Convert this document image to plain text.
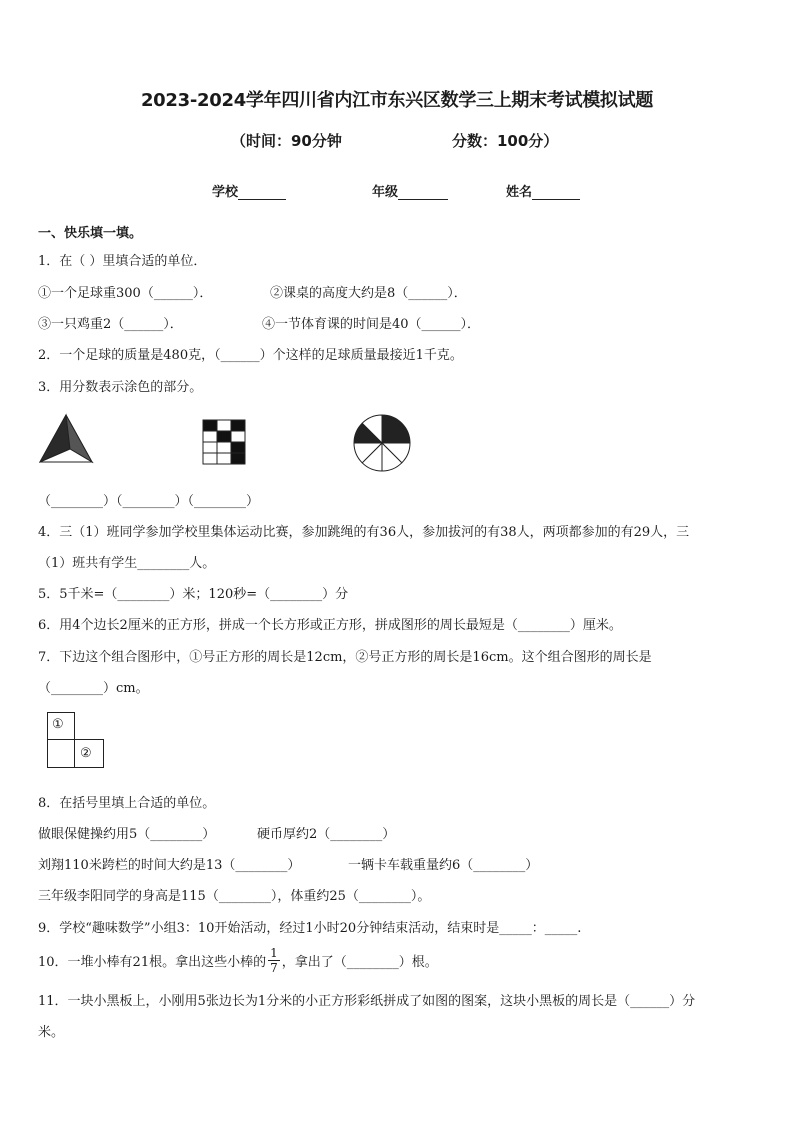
2023-2024学年四川省内江市东兴区数学三上期末考试模拟试题
（时间：90分钟	分数：100分）
学校	年级	姓名
一、快乐填一填。
1．在（ ）里填合适的单位．
①一个足球重300（______）．	②课桌的高度大约是8（______）．
③一只鸡重2（______）．	④一节体育课的时间是40（______）．
2．一个足球的质量是480克，（______）个这样的足球质量最接近1千克。
3．用分数表示涂色的部分。
（________）（________）（________）
4．三（1）班同学参加学校里集体运动比赛，参加跳绳的有36人，参加拔河的有38人，两项都参加的有29人，三
（1）班共有学生________人。
5．5千米=（________）米；120秒=（________）分
6．用4个边长2厘米的正方形，拼成一个长方形或正方形，拼成图形的周长最短是（________）厘米。
7．下边这个组合图形中，①号正方形的周长是12cm，②号正方形的周长是16cm。这个组合图形的周长是
（________）cm。
①
②
8．在括号里填上合适的单位。
做眼保健操约用5（________）	硬币厚约2（________）
刘翔110米跨栏的时间大约是13（________）	一辆卡车载重量约6（________）
三年级李阳同学的身高是115（________），体重约25（________）。
9．学校“趣味数学”小组3：10开始活动，经过1小时20分钟结束活动，结束时是_____：_____.
10．一堆小棒有21根。拿出这些小棒的 $\frac{1}{7}$ ，拿出了（________）根。
11．一块小黑板上，小刚用5张边长为1分米的小正方形彩纸拼成了如图的图案，这块小黑板的周长是（______）分
米。
